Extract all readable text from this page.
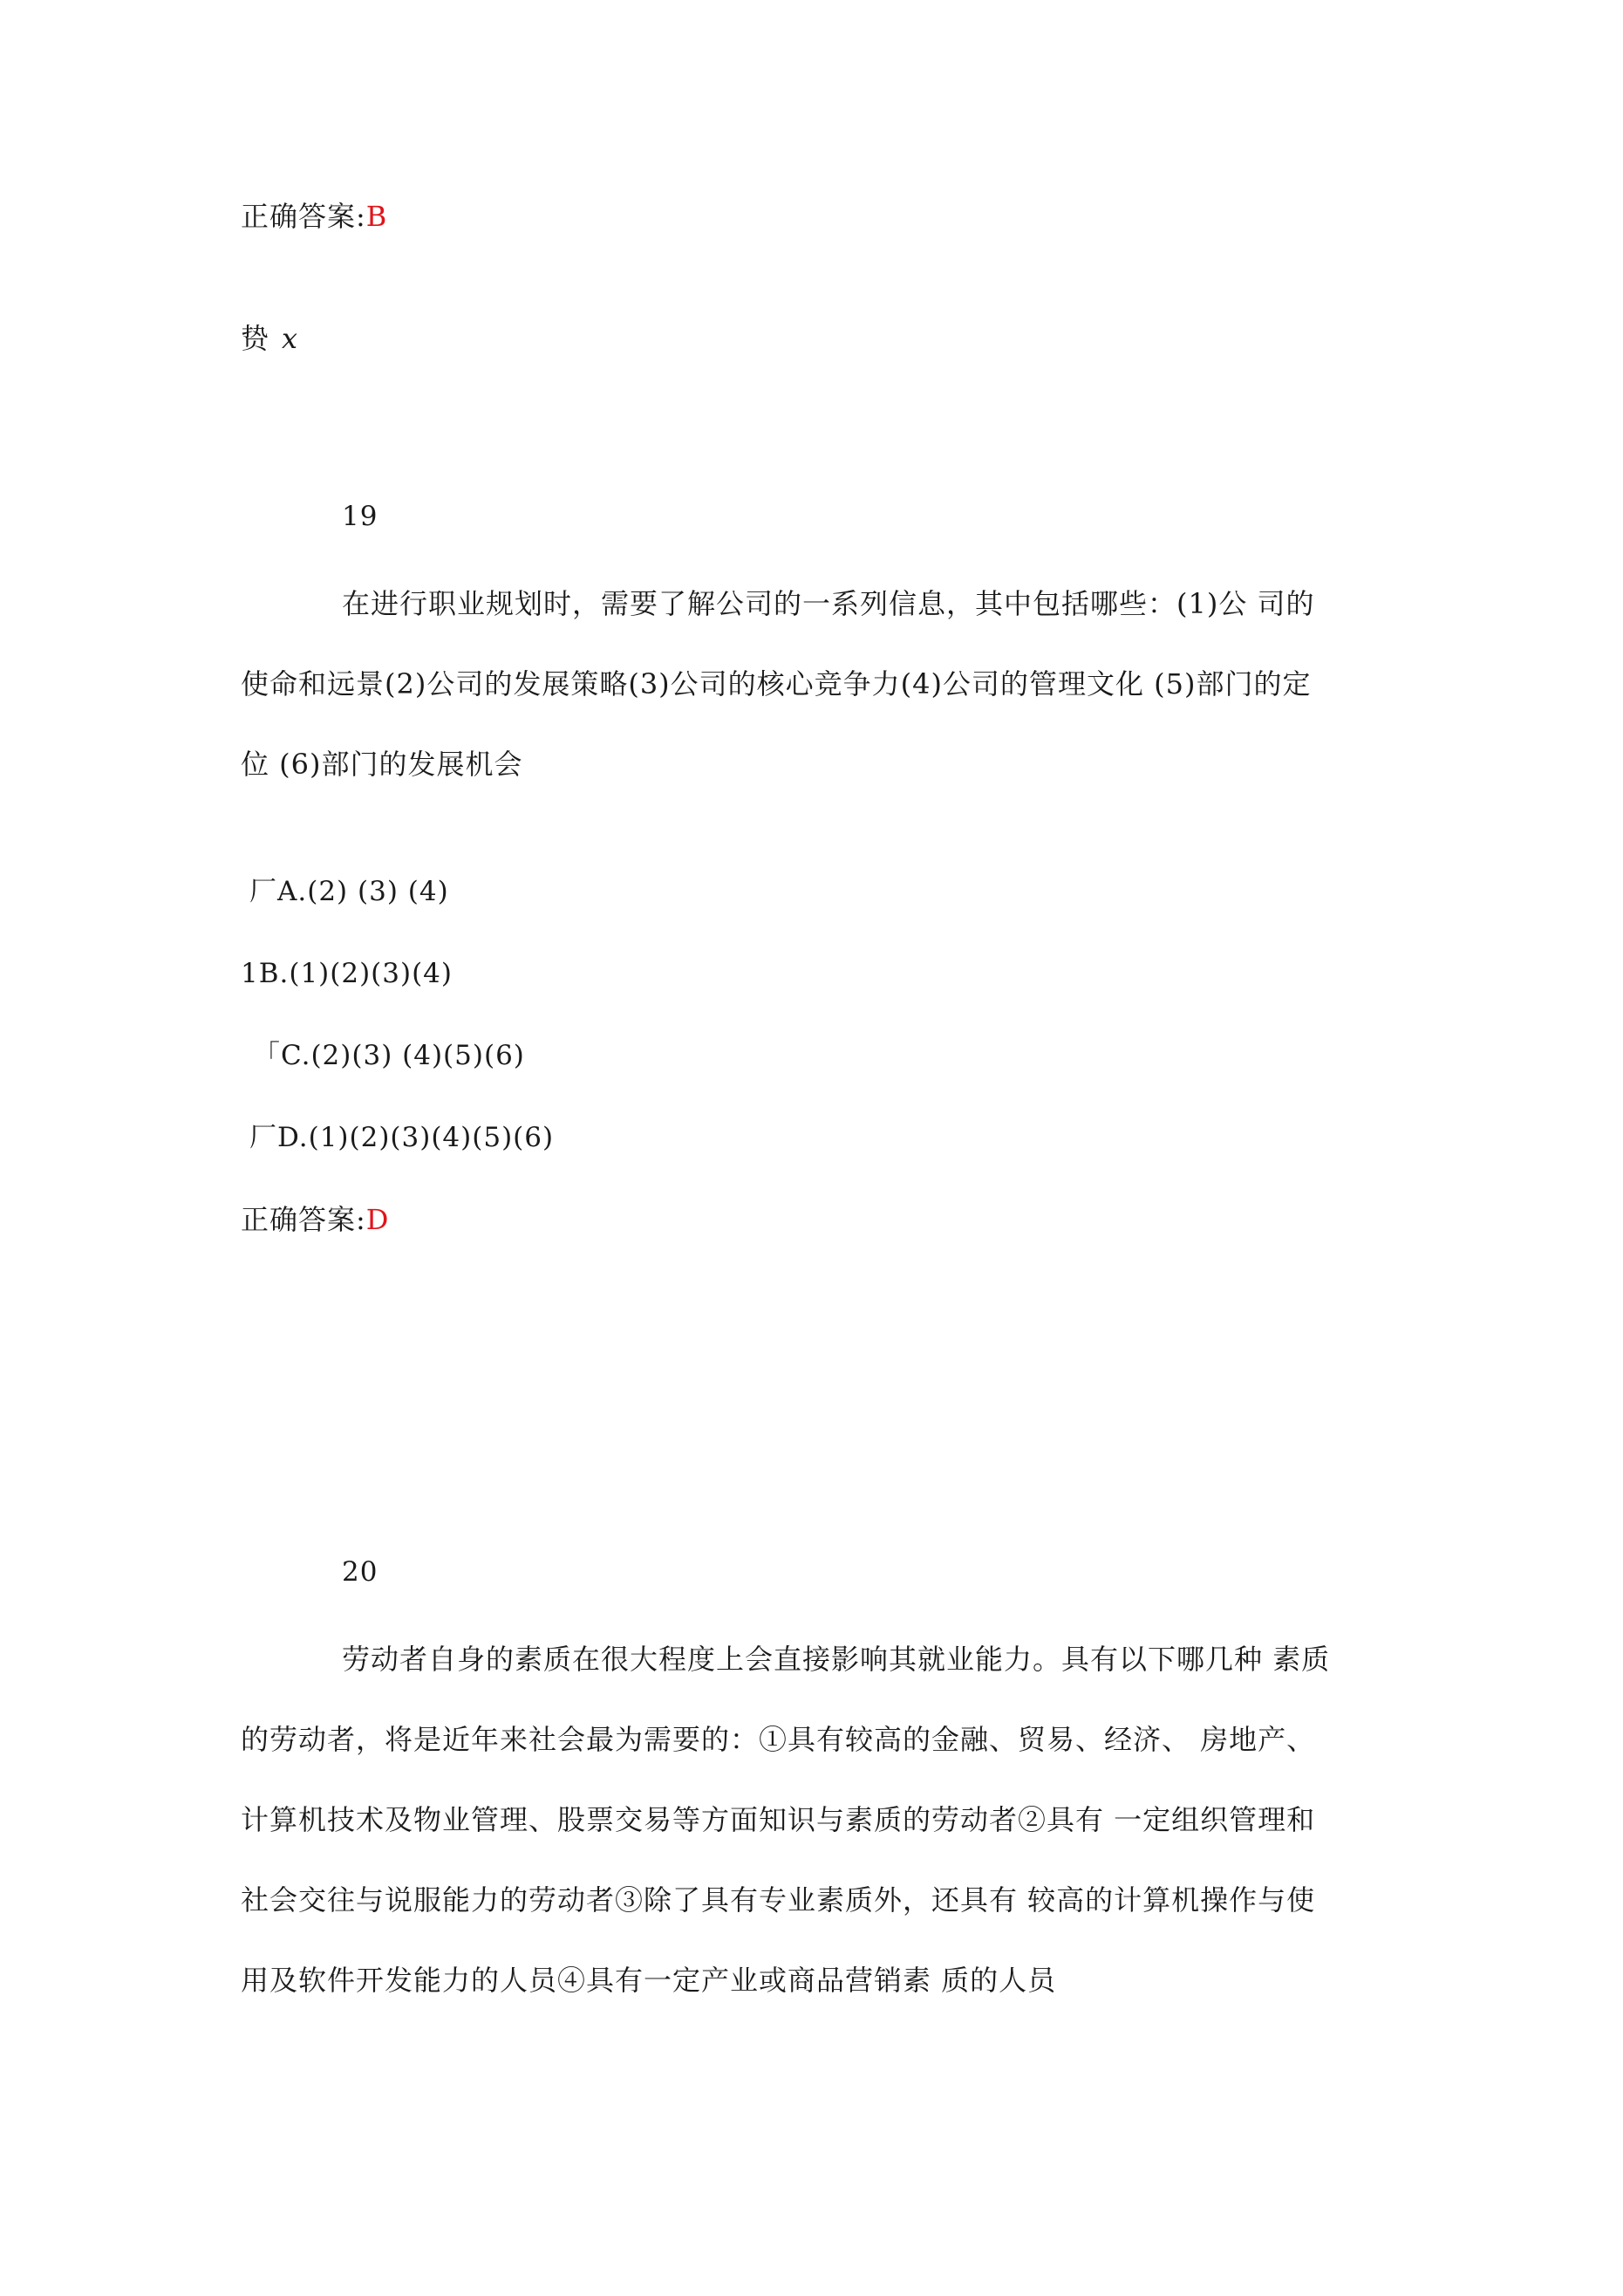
正确答案:B
贽 x
19
在进行职业规划时，需要了解公司的一系列信息，其中包括哪些：(1)公 司的
使命和远景(2)公司的发展策略(3)公司的核心竞争力(4)公司的管理文化 (5)部门的定
位 (6)部门的发展机会
厂A.(2) (3) (4)
1B.(1)(2)(3)(4)
「C.(2)(3) (4)(5)(6)
厂D.(1)(2)(3)(4)(5)(6)
正确答案:D
20
劳动者自身的素质在很大程度上会直接影响其就业能力。具有以下哪几种 素质
的劳动者，将是近年来社会最为需要的：①具有较高的金融、贸易、经济、 房地产、
计算机技术及物业管理、股票交易等方面知识与素质的劳动者②具有 一定组织管理和
社会交往与说服能力的劳动者③除了具有专业素质外，还具有 较高的计算机操作与使
用及软件开发能力的人员④具有一定产业或商品营销素 质的人员
